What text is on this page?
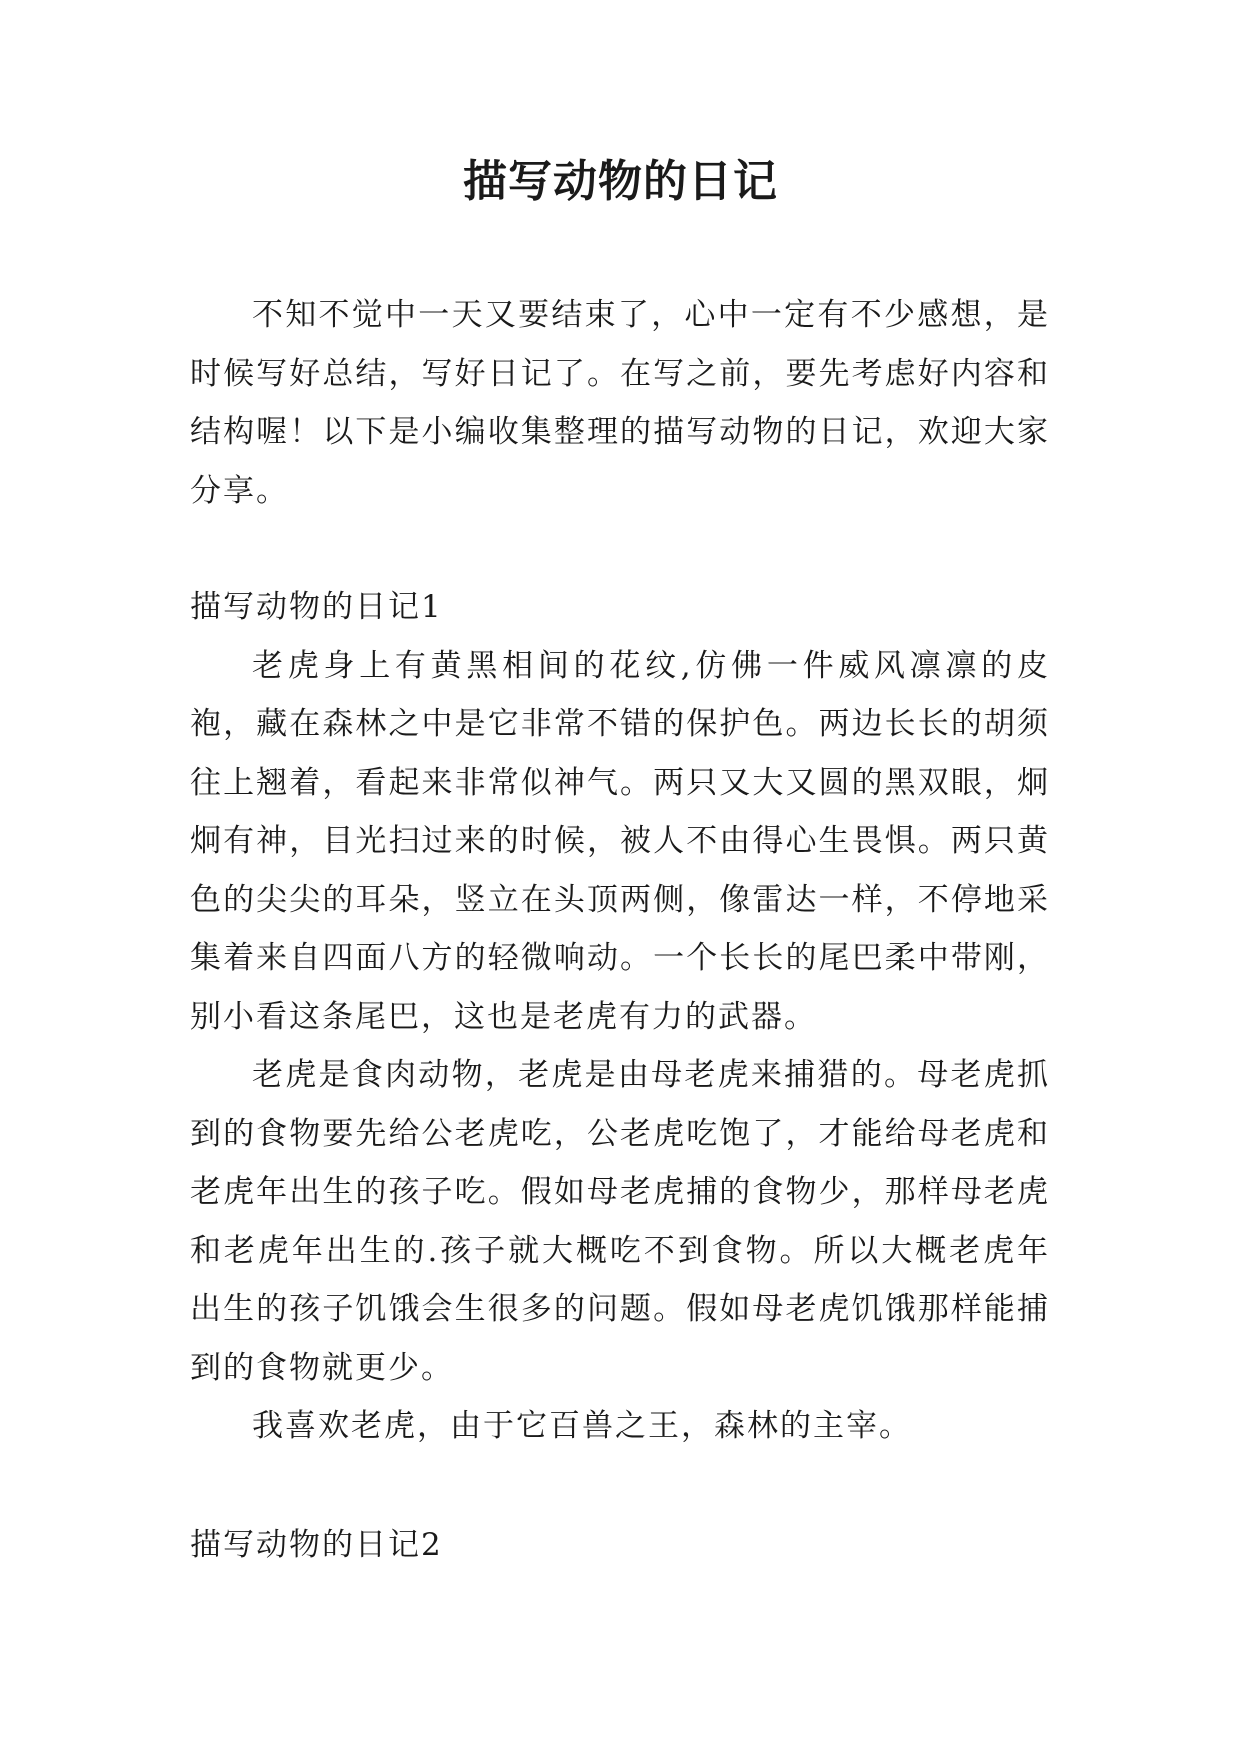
描写动物的日记

不知不觉中一天又要结束了，心中一定有不少感想，是时候写好总结，写好日记了。在写之前，要先考虑好内容和结构喔！以下是小编收集整理的描写动物的日记，欢迎大家分享。

描写动物的日记1

老虎身上有黄黑相间的花纹,仿佛一件威风凛凛的皮袍，藏在森林之中是它非常不错的保护色。两边长长的胡须往上翘着，看起来非常似神气。两只又大又圆的黑双眼，炯炯有神，目光扫过来的时候，被人不由得心生畏惧。两只黄色的尖尖的耳朵，竖立在头顶两侧，像雷达一样，不停地采集着来自四面八方的轻微响动。一个长长的尾巴柔中带刚，别小看这条尾巴，这也是老虎有力的武器。

老虎是食肉动物，老虎是由母老虎来捕猎的。母老虎抓到的食物要先给公老虎吃，公老虎吃饱了，才能给母老虎和老虎年出生的孩子吃。假如母老虎捕的食物少，那样母老虎和老虎年出生的.孩子就大概吃不到食物。所以大概老虎年出生的孩子饥饿会生很多的问题。假如母老虎饥饿那样能捕到的食物就更少。

我喜欢老虎，由于它百兽之王，森林的主宰。

描写动物的日记2
